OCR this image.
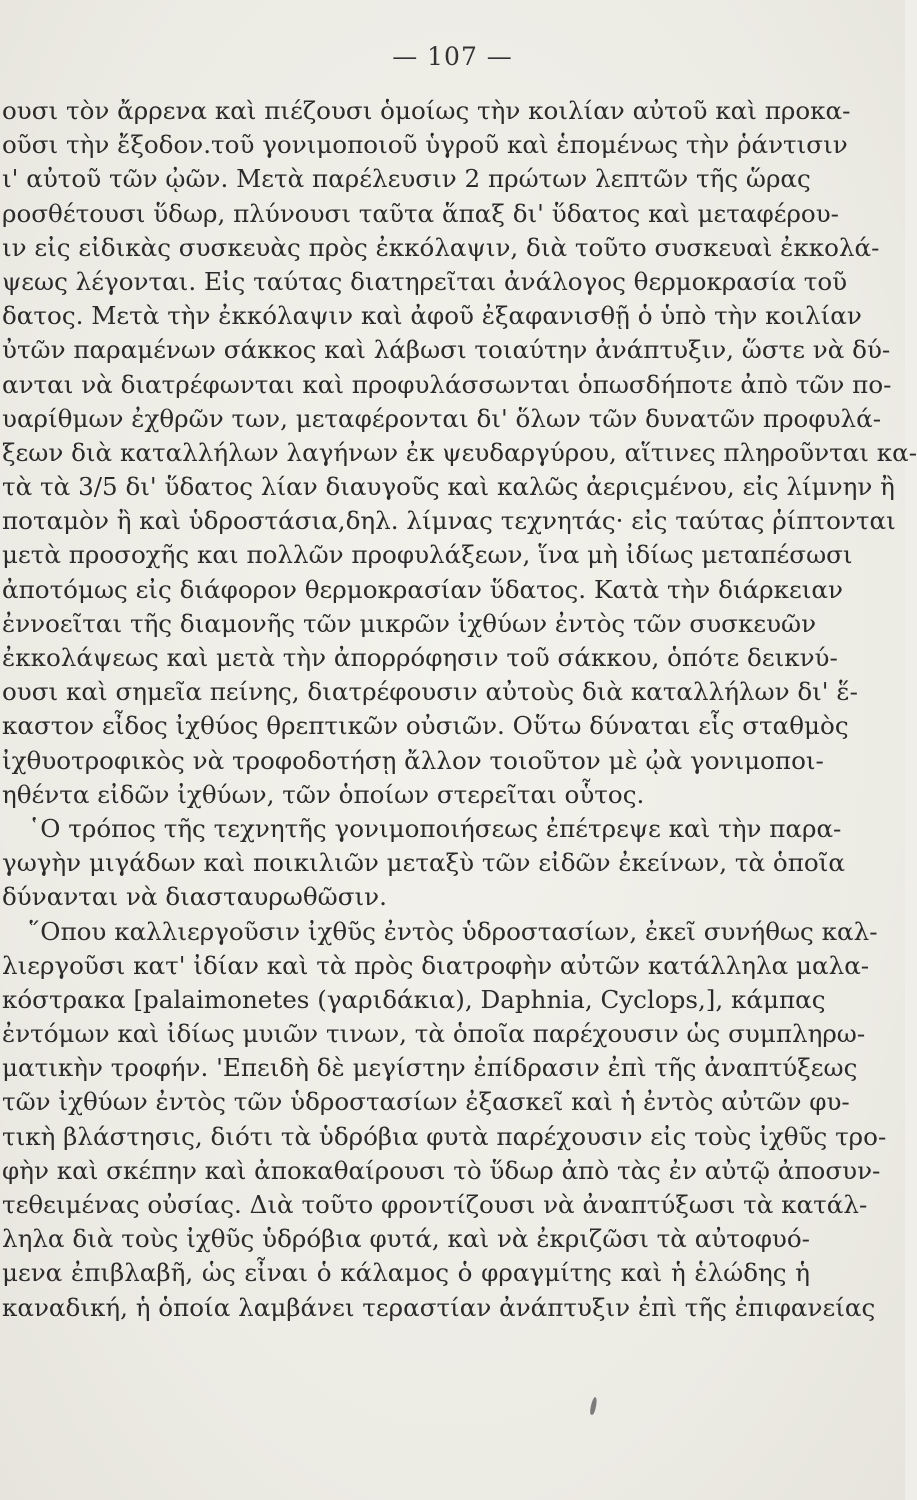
— 107 —
ουσι τὸν ἄρρενα καὶ πιέζουσι ὁμοίως τὴν κοιλίαν αὐτοῦ καὶ προκα-
οῦσι τὴν ἔξοδον.τοῦ γονιμοποιοῦ ὑγροῦ καὶ ἑπομένως τὴν ῥάντισιν
ι' αὐτοῦ τῶν ᾠῶν. Μετὰ παρέλευσιν 2 πρώτων λεπτῶν τῆς ὥρας
ροσθέτουσι ὕδωρ, πλύνουσι ταῦτα ἅπαξ δι' ὕδατος καὶ μεταφέρου-
ιν εἰς εἰδικὰς συσκευὰς πρὸς ἐκκόλαψιν, διὰ τοῦτο συσκευαὶ ἐκκολά-
ψεως λέγονται. Εἰς ταύτας διατηρεῖται ἀνάλογος θερμοκρασία τοῦ
δατος. Μετὰ τὴν ἐκκόλαψιν καὶ ἀφοῦ ἐξαφανισθῇ ὁ ὑπὸ τὴν κοιλίαν
ὐτῶν παραμένων σάκκος καὶ λάβωσι τοιαύτην ἀνάπτυξιν, ὥστε νὰ δύ-
ανται νὰ διατρέφωνται καὶ προφυλάσσωνται ὁπωσδήποτε ἀπὸ τῶν πο-
υαρίθμων ἐχθρῶν των, μεταφέρονται δι' ὅλων τῶν δυνατῶν προφυλά-
ξεων διὰ καταλλήλων λαγήνων ἐκ ψευδαργύρου, αἵτινες πληροῦνται κα-
τὰ τὰ 3/5 δι' ὕδατος λίαν διαυγοῦς καὶ καλῶς ἀεριςμένου, εἰς λίμνην ἢ
ποταμὸν ἢ καὶ ὑδροστάσια,δηλ. λίμνας τεχνητάς· εἰς ταύτας ῥίπτονται
μετὰ προσοχῆς και πολλῶν προφυλάξεων, ἵνα μὴ ἰδίως μεταπέσωσι
ἀποτόμως εἰς διάφορον θερμοκρασίαν ὕδατος. Κατὰ τὴν διάρκειαν
ἐννοεῖται τῆς διαμονῆς τῶν μικρῶν ἰχθύων ἐντὸς τῶν συσκευῶν
ἐκκολάψεως καὶ μετὰ τὴν ἀπορρόφησιν τοῦ σάκκου, ὁπότε δεικνύ-
ουσι καὶ σημεῖα πείνης, διατρέφουσιν αὐτοὺς διὰ καταλλήλων δι' ἕ-
καστον εἶδος ἰχθύος θρεπτικῶν οὐσιῶν. Οὕτω δύναται εἷς σταθμὸς
ἰχθυοτροφικὸς νὰ τροφοδοτήσῃ ἄλλον τοιοῦτον μὲ ᾠὰ γονιμοποι-
ηθέντα εἰδῶν ἰχθύων, τῶν ὁποίων στερεῖται οὗτος.
῾Ο τρόπος τῆς τεχνητῆς γονιμοποιήσεως ἐπέτρεψε καὶ τὴν παρα-
γωγὴν μιγάδων καὶ ποικιλιῶν μεταξὺ τῶν εἰδῶν ἐκείνων, τὰ ὁποῖα
δύνανται νὰ διασταυρωθῶσιν.
῞Οπου καλλιεργοῦσιν ἰχθῦς ἐντὸς ὑδροστασίων, ἐκεῖ συνήθως καλ-
λιεργοῦσι κατ' ἰδίαν καὶ τὰ πρὸς διατροφὴν αὐτῶν κατάλληλα μαλα-
κόστρακα [palaimonetes (γαριδάκια), Daphnia, Cyclops,], κάμπας
ἐντόμων καὶ ἰδίως μυιῶν τινων, τὰ ὁποῖα παρέχουσιν ὡς συμπληρω-
ματικὴν τροφήν. 'Επειδὴ δὲ μεγίστην ἐπίδρασιν ἐπὶ τῆς ἀναπτύξεως
τῶν ἰχθύων ἐντὸς τῶν ὑδροστασίων ἐξασκεῖ καὶ ἡ ἐντὸς αὐτῶν φυ-
τικὴ βλάστησις, διότι τὰ ὑδρόβια φυτὰ παρέχουσιν εἰς τοὺς ἰχθῦς τρο-
φὴν καὶ σκέπην καὶ ἀποκαθαίρουσι τὸ ὕδωρ ἀπὸ τὰς ἐν αὐτῷ ἀποσυν-
τεθειμένας οὐσίας. Διὰ τοῦτο φροντίζουσι νὰ ἀναπτύξωσι τὰ κατάλ-
ληλα διὰ τοὺς ἰχθῦς ὑδρόβια φυτά, καὶ νὰ ἐκριζῶσι τὰ αὐτοφυό-
μενα ἐπιβλαβῆ, ὡς εἶναι ὁ κάλαμος ὁ φραγμίτης καὶ ἡ ἑλώδης ἡ
καναδική, ἡ ὁποία λαμβάνει τεραστίαν ἀνάπτυξιν ἐπὶ τῆς ἐπιφανείας
